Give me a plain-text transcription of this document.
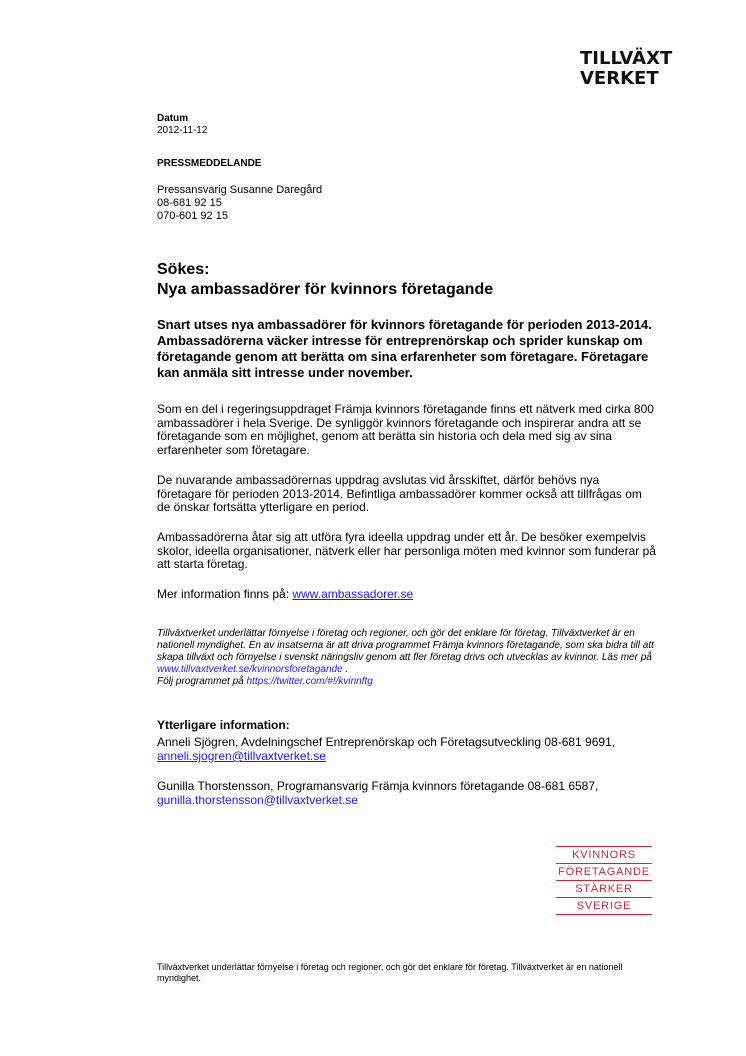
TILLVÄXT
VERKET
Datum
2012-11-12
PRESSMEDDELANDE
Pressansvarig Susanne Daregård
08-681 92 15
070-601 92 15
Sökes:
Nya ambassadörer för kvinnors företagande
Snart utses nya ambassadörer för kvinnors företagande för perioden 2013-2014. Ambassadörerna väcker intresse för entreprenörskap och sprider kunskap om företagande genom att berätta om sina erfarenheter som företagare. Företagare kan anmäla sitt intresse under november.
Som en del i regeringsuppdraget Främja kvinnors företagande finns ett nätverk med cirka 800 ambassadörer i hela Sverige. De synliggör kvinnors företagande och inspirerar andra att se företagande som en möjlighet, genom att berätta sin historia och dela med sig av sina erfarenheter som företagare.
De nuvarande ambassadörernas uppdrag avslutas vid årsskiftet, därför behövs nya företagare för perioden 2013-2014. Befintliga ambassadörer kommer också att tillfrågas om de önskar fortsätta ytterligare en period.
Ambassadörerna åtar sig att utföra fyra ideella uppdrag under ett år. De besöker exempelvis skolor, ideella organisationer, nätverk eller har personliga möten med kvinnor som funderar på att starta företag.
Mer information finns på: www.ambassadorer.se
Tillväxtverket underlättar förnyelse i företag och regioner, och gör det enklare för företag. Tillväxtverket är en nationell myndighet. En av insatserna är att driva programmet Främja kvinnors företagande, som ska bidra till att skapa tillväxt och förnyelse i svenskt näringsliv genom att fler företag drivs och utvecklas av kvinnor. Läs mer på www.tillvaxtverket.se/kvinnorsforetagande .
Följ programmet på https://twitter.com/#!/kvinnftg
Ytterligare information:
Anneli Sjögren, Avdelningschef Entreprenörskap och Företagsutveckling 08-681 9691,
anneli.sjogren@tillvaxtverket.se
Gunilla Thorstensson, Programansvarig Främja kvinnors företagande 08-681 6587,
gunilla.thorstensson@tillvaxtverket.se
KVINNORS
FÖRETAGANDE
STÄRKER
SVERIGE
Tillväxtverket underlättar förnyelse i företag och regioner, och gör det enklare för företag. Tillväxtverket är en nationell myndighet.
